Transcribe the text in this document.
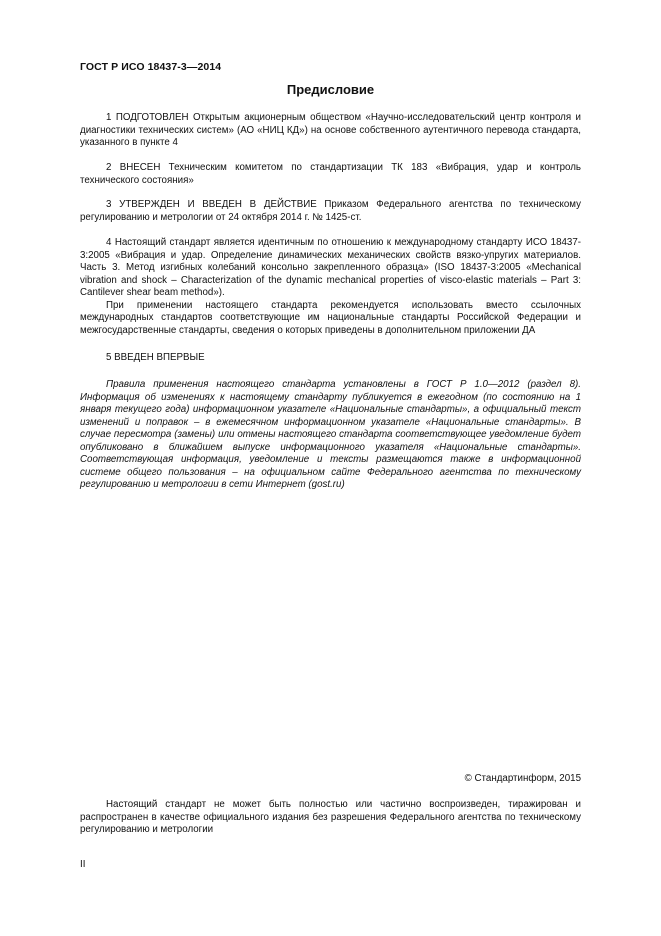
ГОСТ Р ИСО 18437-3—2014
Предисловие

1 ПОДГОТОВЛЕН Открытым акционерным обществом «Научно-исследовательский центр контроля и диагностики технических систем» (АО «НИЦ КД») на основе собственного аутентичного перевода стандарта, указанного в пункте 4

2 ВНЕСЕН Техническим комитетом по стандартизации ТК 183 «Вибрация, удар и контроль технического состояния»

3 УТВЕРЖДЕН И ВВЕДЕН В ДЕЙСТВИЕ Приказом Федерального агентства по техническому регулированию и метрологии от 24 октября 2014 г. № 1425-ст.

4 Настоящий стандарт является идентичным по отношению к международному стандарту ИСО 18437-3:2005 «Вибрация и удар. Определение динамических механических свойств вязко-упругих материалов. Часть 3. Метод изгибных колебаний консольно закрепленного образца» (ISO 18437-3:2005 «Mechanical vibration and shock – Characterization of the dynamic mechanical properties of visco-elastic materials – Part 3: Cantilever shear beam method»).

При применении настоящего стандарта рекомендуется использовать вместо ссылочных международных стандартов соответствующие им национальные стандарты Российской Федерации и межгосударственные стандарты, сведения о которых приведены в дополнительном приложении ДА

5 ВВЕДЕН ВПЕРВЫЕ

Правила применения настоящего стандарта установлены в ГОСТ Р 1.0—2012 (раздел 8). Информация об изменениях к настоящему стандарту публикуется в ежегодном (по состоянию на 1 января текущего года) информационном указателе «Национальные стандарты», а официальный текст изменений и поправок – в ежемесячном информационном указателе «Национальные стандарты». В случае пересмотра (замены) или отмены настоящего стандарта соответствующее уведомление будет опубликовано в ближайшем выпуске информационного указателя «Национальные стандарты». Соответствующая информация, уведомление и тексты размещаются также в информационной системе общего пользования – на официальном сайте Федерального агентства по техническому регулированию и метрологии в сети Интернет (gost.ru)

© Стандартинформ, 2015

Настоящий стандарт не может быть полностью или частично воспроизведен, тиражирован и распространен в качестве официального издания без разрешения Федерального агентства по техническому регулированию и метрологии

II
